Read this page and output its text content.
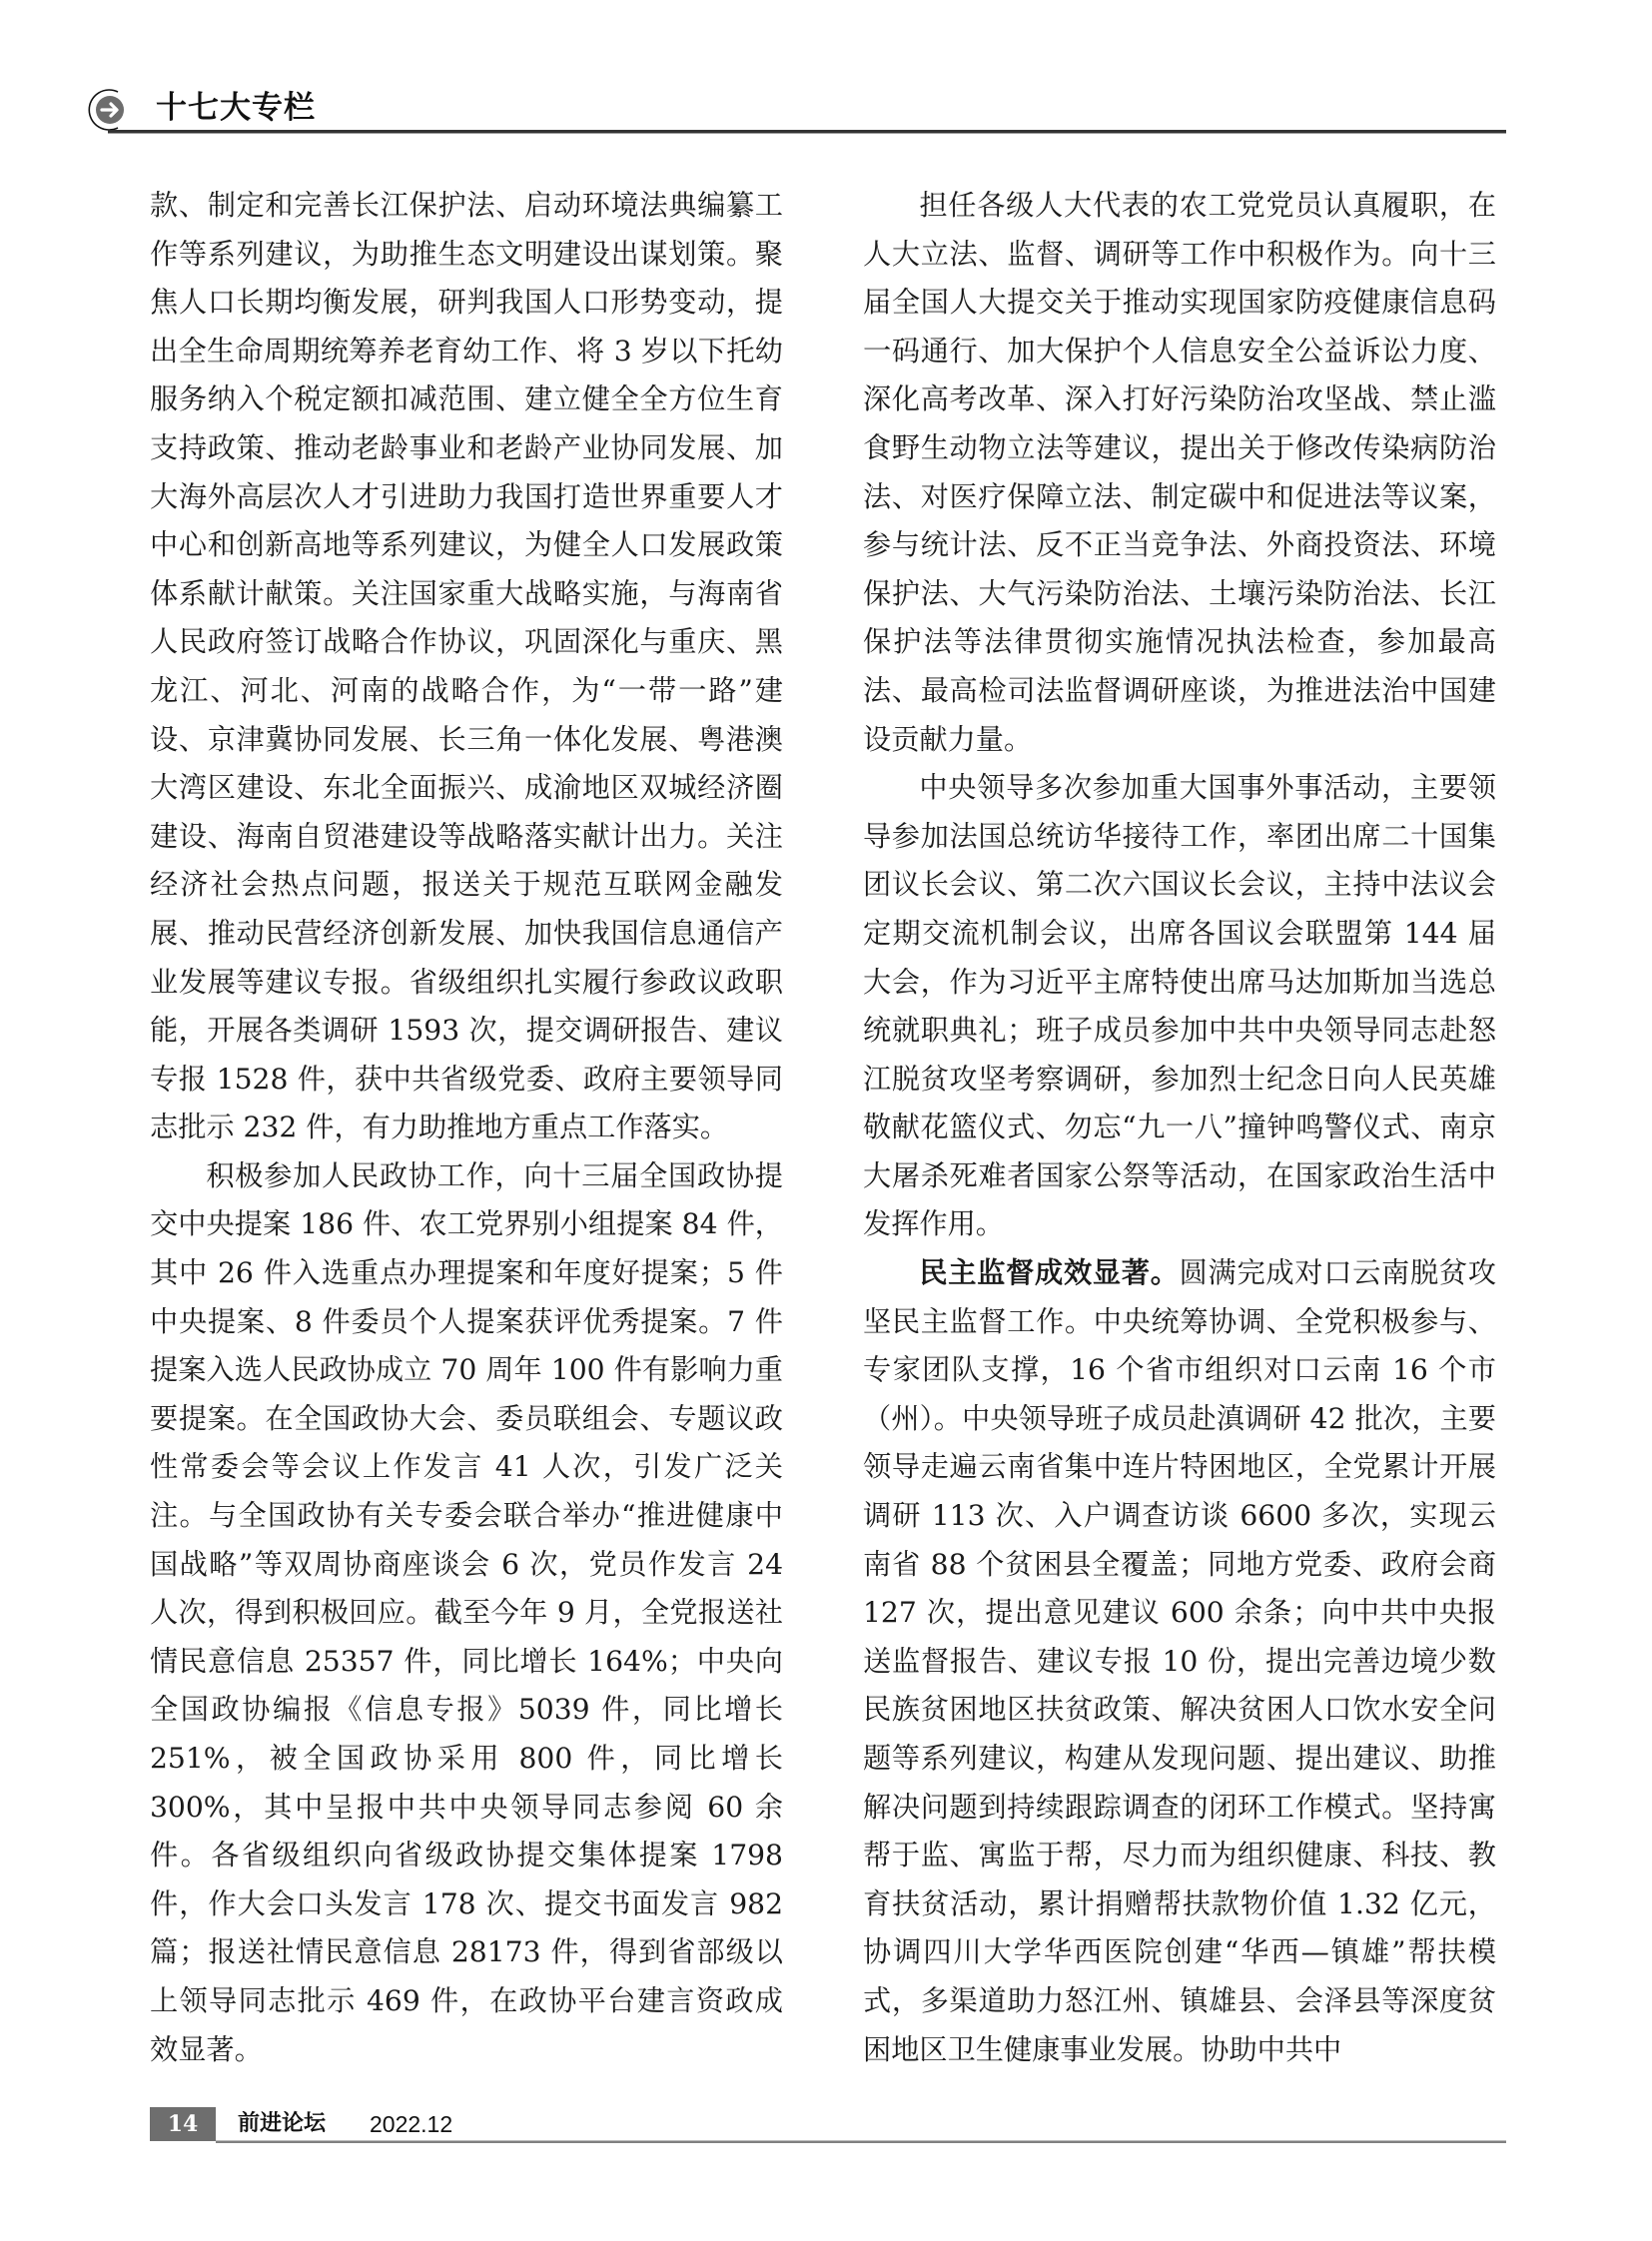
十七大专栏

款、制定和完善长江保护法、启动环境法典编纂工作等系列建议，为助推生态文明建设出谋划策。聚焦人口长期均衡发展，研判我国人口形势变动，提出全生命周期统筹养老育幼工作、将 3 岁以下托幼服务纳入个税定额扣减范围、建立健全全方位生育支持政策、推动老龄事业和老龄产业协同发展、加大海外高层次人才引进助力我国打造世界重要人才中心和创新高地等系列建议，为健全人口发展政策体系献计献策。关注国家重大战略实施，与海南省人民政府签订战略合作协议，巩固深化与重庆、黑龙江、河北、河南的战略合作，为“一带一路”建设、京津冀协同发展、长三角一体化发展、粤港澳大湾区建设、东北全面振兴、成渝地区双城经济圈建设、海南自贸港建设等战略落实献计出力。关注经济社会热点问题，报送关于规范互联网金融发展、推动民营经济创新发展、加快我国信息通信产业发展等建议专报。省级组织扎实履行参政议政职能，开展各类调研 1593 次，提交调研报告、建议专报 1528 件，获中共省级党委、政府主要领导同志批示 232 件，有力助推地方重点工作落实。

积极参加人民政协工作，向十三届全国政协提交中央提案 186 件、农工党界别小组提案 84 件，其中 26 件入选重点办理提案和年度好提案；5 件中央提案、8 件委员个人提案获评优秀提案。7 件提案入选人民政协成立 70 周年 100 件有影响力重要提案。在全国政协大会、委员联组会、专题议政性常委会等会议上作发言 41 人次，引发广泛关注。与全国政协有关专委会联合举办“推进健康中国战略”等双周协商座谈会 6 次，党员作发言 24 人次，得到积极回应。截至今年 9 月，全党报送社情民意信息 25357 件，同比增长 164%；中央向全国政协编报《信息专报》5039 件，同比增长 251%，被全国政协采用 800 件，同比增长 300%，其中呈报中共中央领导同志参阅 60 余件。各省级组织向省级政协提交集体提案 1798 件，作大会口头发言 178 次、提交书面发言 982 篇；报送社情民意信息 28173 件，得到省部级以上领导同志批示 469 件，在政协平台建言资政成效显著。

担任各级人大代表的农工党党员认真履职，在人大立法、监督、调研等工作中积极作为。向十三届全国人大提交关于推动实现国家防疫健康信息码一码通行、加大保护个人信息安全公益诉讼力度、深化高考改革、深入打好污染防治攻坚战、禁止滥食野生动物立法等建议，提出关于修改传染病防治法、对医疗保障立法、制定碳中和促进法等议案，参与统计法、反不正当竞争法、外商投资法、环境保护法、大气污染防治法、土壤污染防治法、长江保护法等法律贯彻实施情况执法检查，参加最高法、最高检司法监督调研座谈，为推进法治中国建设贡献力量。

中央领导多次参加重大国事外事活动，主要领导参加法国总统访华接待工作，率团出席二十国集团议长会议、第二次六国议长会议，主持中法议会定期交流机制会议，出席各国议会联盟第 144 届大会，作为习近平主席特使出席马达加斯加当选总统就职典礼；班子成员参加中共中央领导同志赴怒江脱贫攻坚考察调研，参加烈士纪念日向人民英雄敬献花篮仪式、勿忘“九一八”撞钟鸣警仪式、南京大屠杀死难者国家公祭等活动，在国家政治生活中发挥作用。

民主监督成效显著。圆满完成对口云南脱贫攻坚民主监督工作。中央统筹协调、全党积极参与、专家团队支撑，16 个省市组织对口云南 16 个市（州）。中央领导班子成员赴滇调研 42 批次，主要领导走遍云南省集中连片特困地区，全党累计开展调研 113 次、入户调查访谈 6600 多次，实现云南省 88 个贫困县全覆盖；同地方党委、政府会商 127 次，提出意见建议 600 余条；向中共中央报送监督报告、建议专报 10 份，提出完善边境少数民族贫困地区扶贫政策、解决贫困人口饮水安全问题等系列建议，构建从发现问题、提出建议、助推解决问题到持续跟踪调查的闭环工作模式。坚持寓帮于监、寓监于帮，尽力而为组织健康、科技、教育扶贫活动，累计捐赠帮扶款物价值 1.32 亿元，协调四川大学华西医院创建“华西—镇雄”帮扶模式，多渠道助力怒江州、镇雄县、会泽县等深度贫困地区卫生健康事业发展。协助中共中

14	前进论坛 2022.12
